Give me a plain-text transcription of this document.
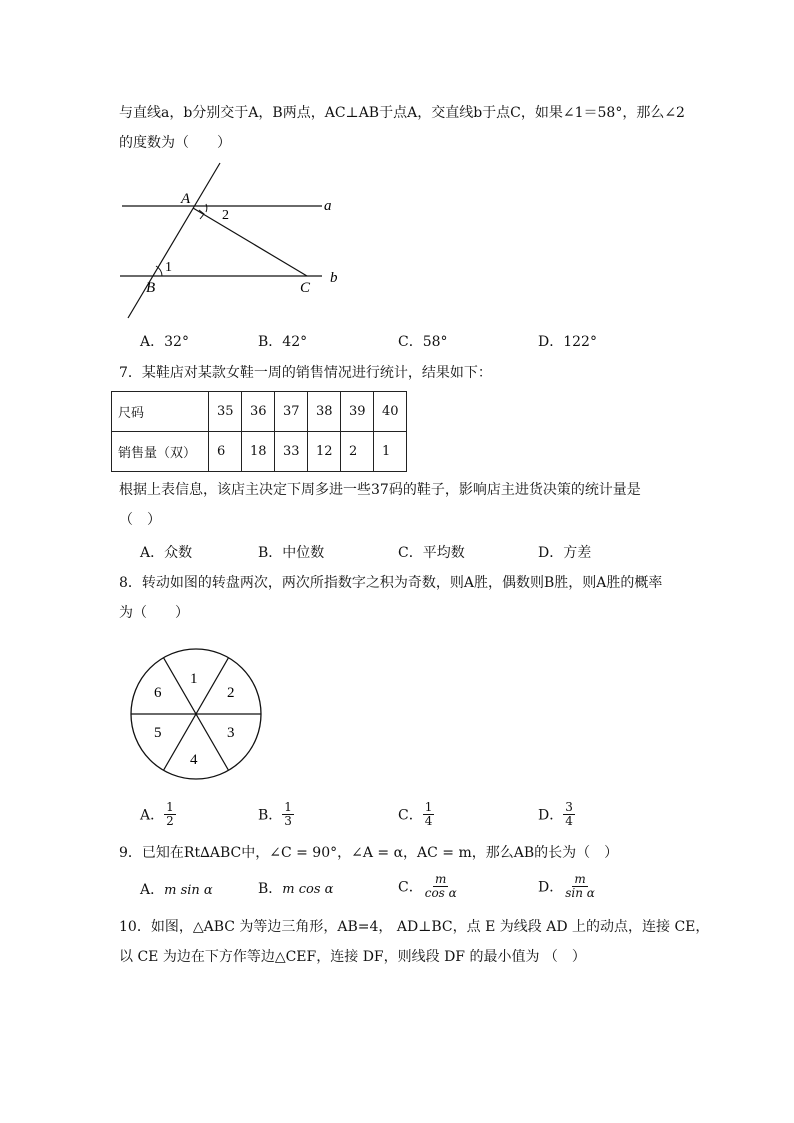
与直线a，b分别交于A，B两点，AC⊥AB于点A，交直线b于点C，如果∠1＝58°，那么∠2
的度数为（　　）
A
2
a
1
B	C
b
A．32°	B．42°	C．58°	D．122°
7．某鞋店对某款女鞋一周的销售情况进行统计，结果如下：
尺码	35	36	37	38	39	40
销售量（双）	6	18	33	12	2	1
根据上表信息，该店主决定下周多进一些37码的鞋子，影响店主进货决策的统计量是
（　）
A．众数	B．中位数	C．平均数	D．方差
8．转动如图的转盘两次，两次所指数字之积为奇数，则A胜，偶数则B胜，则A胜的概率
为（　　）
1
2
3
4
5
6
A． $\frac{1}{2}$	B． $\frac{1}{3}$	C． $\frac{1}{4}$	D． $\frac{3}{4}$
9．已知在Rt∆ABC中，∠C = 90°，∠A = α，AC = m，那么AB的长为（　）
A．m sin α	B．m cos α	C． $\frac{m}{\text{cos α}}$	D． $\frac{m}{\text{sin α}}$
10．如图，△ABC 为等边三角形，AB=4， AD⊥BC，点 E 为线段 AD 上的动点，连接 CE，
以 CE 为边在下方作等边△CEF，连接 DF，则线段 DF 的最小值为 （　）
